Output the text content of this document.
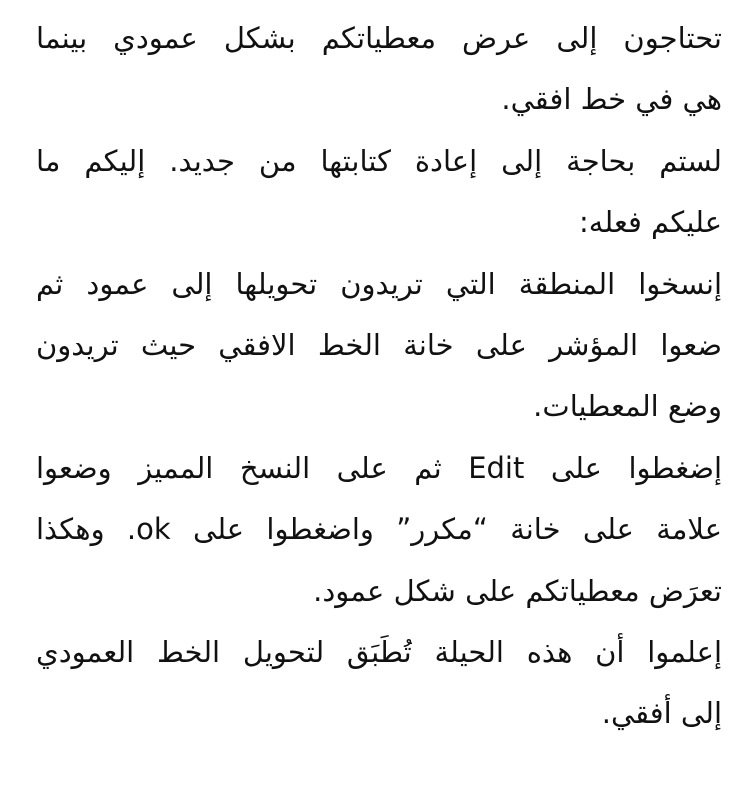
تحتاجون إلى عرض معطياتكم بشكل عمودي بينما
هي في خط افقي.
لستم بحاجة إلى إعادة كتابتها من جديد. إليكم ما
عليكم فعله:
إنسخوا المنطقة التي تريدون تحويلها إلى عمود ثم
ضعوا المؤشر على خانة الخط الافقي حيث تريدون
وضع المعطيات.
إضغطوا على Edit ثم على النسخ المميز وضعوا
علامة على خانة “مكرر” واضغطوا على ok. وهكذا
تعرَض معطياتكم على شكل عمود.
إعلموا أن هذه الحيلة تُطَبَق لتحويل الخط العمودي
إلى أفقي.
